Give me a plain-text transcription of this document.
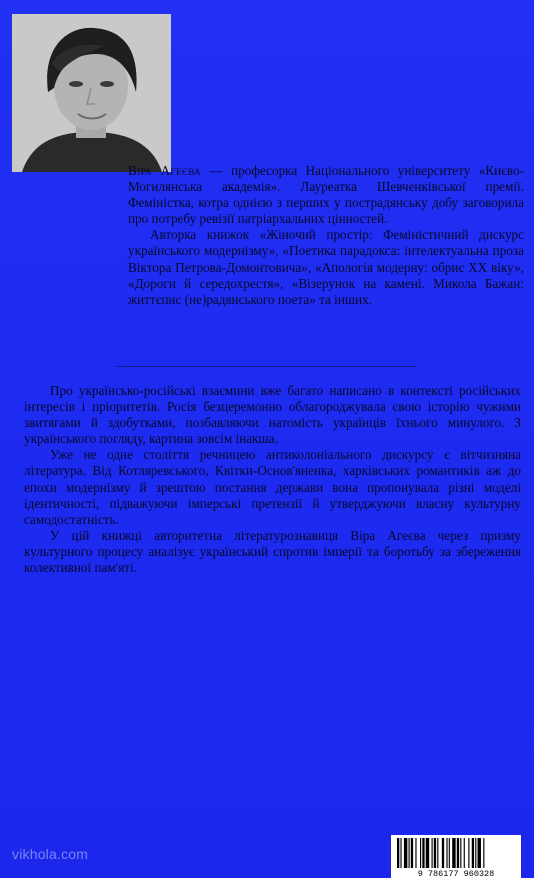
Віра Агеєва — професорка Національного університету «Києво-Могилянська академія». Лауреатка Шевченківської премії. Феміністка, котра однією з перших у пострадянську добу заговорила про потребу ревізії патріархальних цінностей.

Авторка книжок «Жіночий простір: Феміністичний дискурс українського модернізму», «Поетика парадокса: інтелектуальна проза Віктора Петрова-Домонтовича», «Апологія модерну: обрис XX віку», «Дороги й середохрестя», «Візерунок на камені. Микола Бажан: життєпис (не)радянського поета» та інших.

Про українсько-російські взаємини вже багато написано в контексті російських інтересів і пріоритетів. Росія безцеремонно облагороджувала свою історію чужими звитягами й здобутками, позбавляючи натомість українців їхнього минулого. З українського погляду, картина зовсім інакша.

Уже не одне століття речницею антиколоніального дискурсу є вітчизняна література. Від Котляревського, Квітки-Основ'яненка, харківських романтиків аж до епохи модернізму й зрештою постання держави вона пропонувала різні моделі ідентичності, підважуючи імперські претензії й утверджуючи власну культурну самодостатність.

У цій книжці авторитетна літературознавиця Віра Агеєва через призму культурного процесу аналізує український спротив імперії та боротьбу за збереження колективної пам'яті.

vikhola.com
9 786177 960328
